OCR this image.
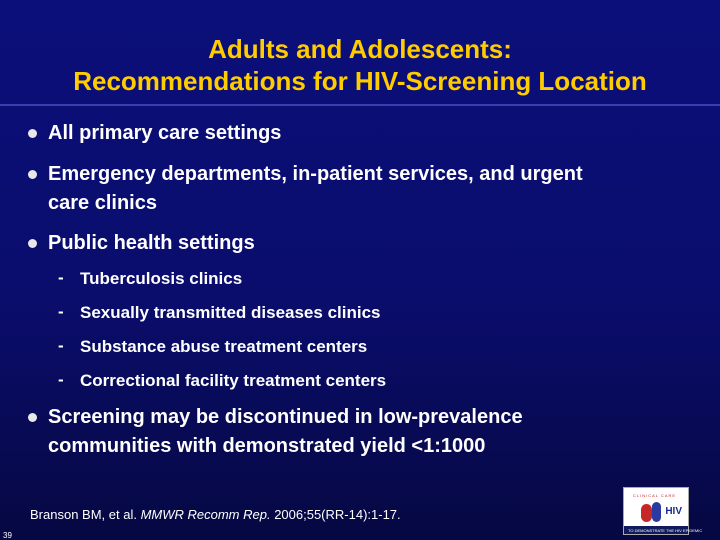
Adults and Adolescents:
Recommendations for HIV-Screening Location
All primary care settings
Emergency departments, in-patient services, and urgent
care clinics
Public health settings
- Tuberculosis clinics
- Sexually transmitted diseases clinics
- Substance abuse treatment centers
- Correctional facility treatment centers
Screening may be discontinued in low-prevalence
communities with demonstrated yield <1:1000
Branson BM, et al. MMWR Recomm Rep. 2006;55(RR-14):1-17.
39
CLINICAL CARE
HIV
TO DEMONSTRATE THE HIV EPIDEMIC
